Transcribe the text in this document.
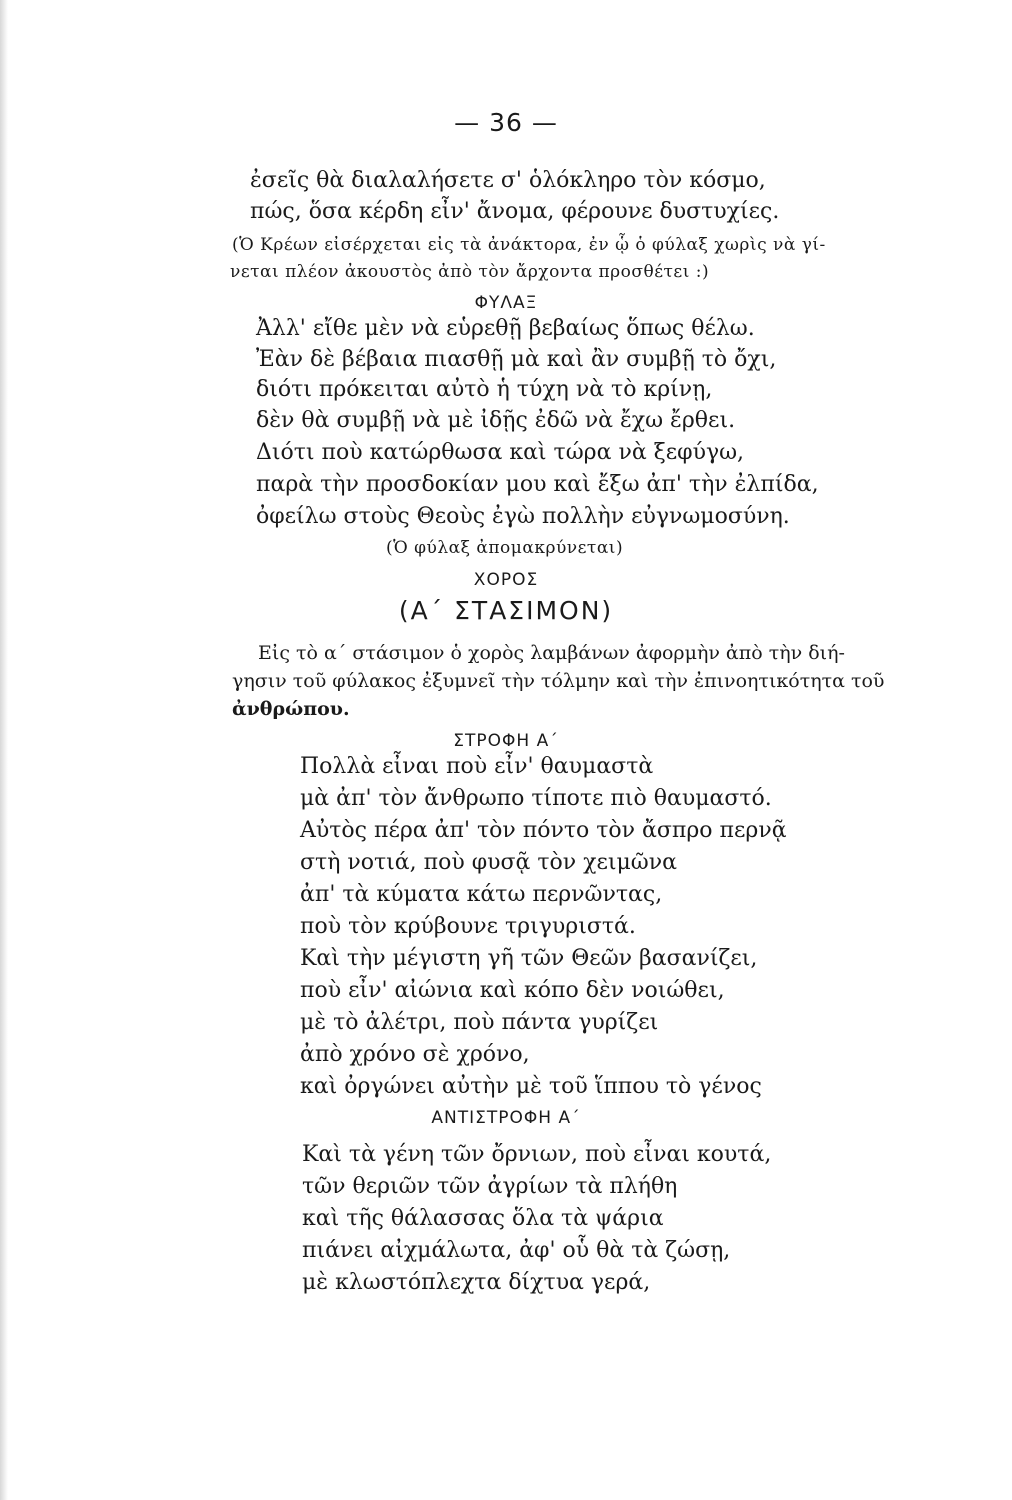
— 36 —
ἐσεῖς θὰ διαλαλήσετε σ' ὁλόκληρο τὸν κόσμο,
πώς, ὅσα κέρδη εἶν' ἄνομα, φέρουνε δυστυχίες.
(Ὁ Κρέων εἰσέρχεται εἰς τὰ ἀνάκτορα, ἐν ᾧ ὁ φύλαξ χωρὶς νὰ γί-
νεται πλέον ἀκουστὸς ἀπὸ τὸν ἄρχοντα προσθέτει :)
ΦΥΛΑΞ
Ἀλλ' εἴθε μὲν νὰ εὑρεθῇ βεβαίως ὅπως θέλω.
Ἐὰν δὲ βέβαια πιασθῇ μὰ καὶ ἂν συμβῇ τὸ ὄχι,
διότι πρόκειται αὐτὸ ἡ τύχη νὰ τὸ κρίνῃ,
δὲν θὰ συμβῇ νὰ μὲ ἰδῇς ἐδῶ νὰ ἔχω ἔρθει.
Διότι ποὺ κατώρθωσα καὶ τώρα νὰ ξεφύγω,
παρὰ τὴν προσδοκίαν μου καὶ ἔξω ἀπ' τὴν ἐλπίδα,
ὀφείλω στοὺς Θεοὺς ἐγὼ πολλὴν εὐγνωμοσύνη.
(Ὁ φύλαξ ἀπομακρύνεται)
ΧΟΡΟΣ
(Α΄ ΣΤΑΣΙΜΟΝ)
Εἰς τὸ α΄ στάσιμον ὁ χορὸς λαμβάνων ἀφορμὴν ἀπὸ τὴν διή-
γησιν τοῦ φύλακος ἐξυμνεῖ τὴν τόλμην καὶ τὴν ἐπινοητικότητα τοῦ
ἀνθρώπου.
ΣΤΡΟΦΗ Α΄
Πολλὰ εἶναι ποὺ εἶν' θαυμαστὰ
μὰ ἀπ' τὸν ἄνθρωπο τίποτε πιὸ θαυμαστό.
Αὐτὸς πέρα ἀπ' τὸν πόντο τὸν ἄσπρο περνᾷ
στὴ νοτιά, ποὺ φυσᾷ τὸν χειμῶνα
ἀπ' τὰ κύματα κάτω περνῶντας,
ποὺ τὸν κρύβουνε τριγυριστά.
Καὶ τὴν μέγιστη γῆ τῶν Θεῶν βασανίζει,
ποὺ εἶν' αἰώνια καὶ κόπο δὲν νοιώθει,
μὲ τὸ ἀλέτρι, ποὺ πάντα γυρίζει
ἀπὸ χρόνο σὲ χρόνο,
καὶ ὀργώνει αὐτὴν μὲ τοῦ ἵππου τὸ γένος
ΑΝΤΙΣΤΡΟΦΗ Α΄
Καὶ τὰ γένη τῶν ὄρνιων, ποὺ εἶναι κουτά,
τῶν θεριῶν τῶν ἀγρίων τὰ πλήθη
καὶ τῆς θάλασσας ὅλα τὰ ψάρια
πιάνει αἰχμάλωτα, ἀφ' οὗ θὰ τὰ ζώσῃ,
μὲ κλωστόπλεχτα δίχτυα γερά,
